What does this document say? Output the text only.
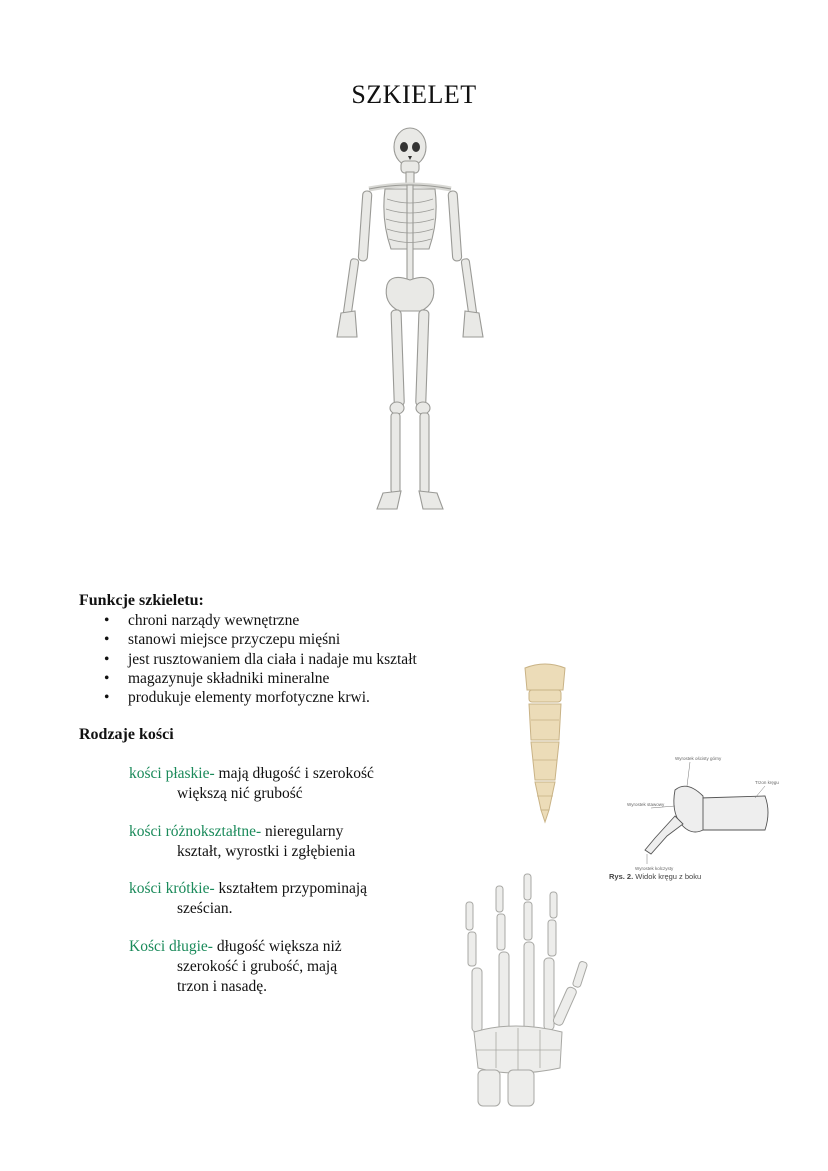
SZKIELET
Funkcje szkieletu:
• chroni narządy wewnętrzne
• stanowi miejsce przyczepu mięśni
• jest rusztowaniem dla ciała i nadaje mu kształt
• magazynuje składniki mineralne
• produkuje elementy morfotyczne krwi.
Rodzaje kości
kości płaskie- mają długość i szerokość
większą nić grubość
kości różnokształtne- nieregularny
kształt, wyrostki i zgłębienia
kości krótkie- kształtem przypominają
sześcian.
Kości długie- długość większa niż
szerokość i grubość, mają
trzon i nasadę.
Wyrostek ościsty górny
Trzon kręgu
Wyrostek stawowy
Wyrostek kolczysty
Rys. 2. Widok kręgu z boku
